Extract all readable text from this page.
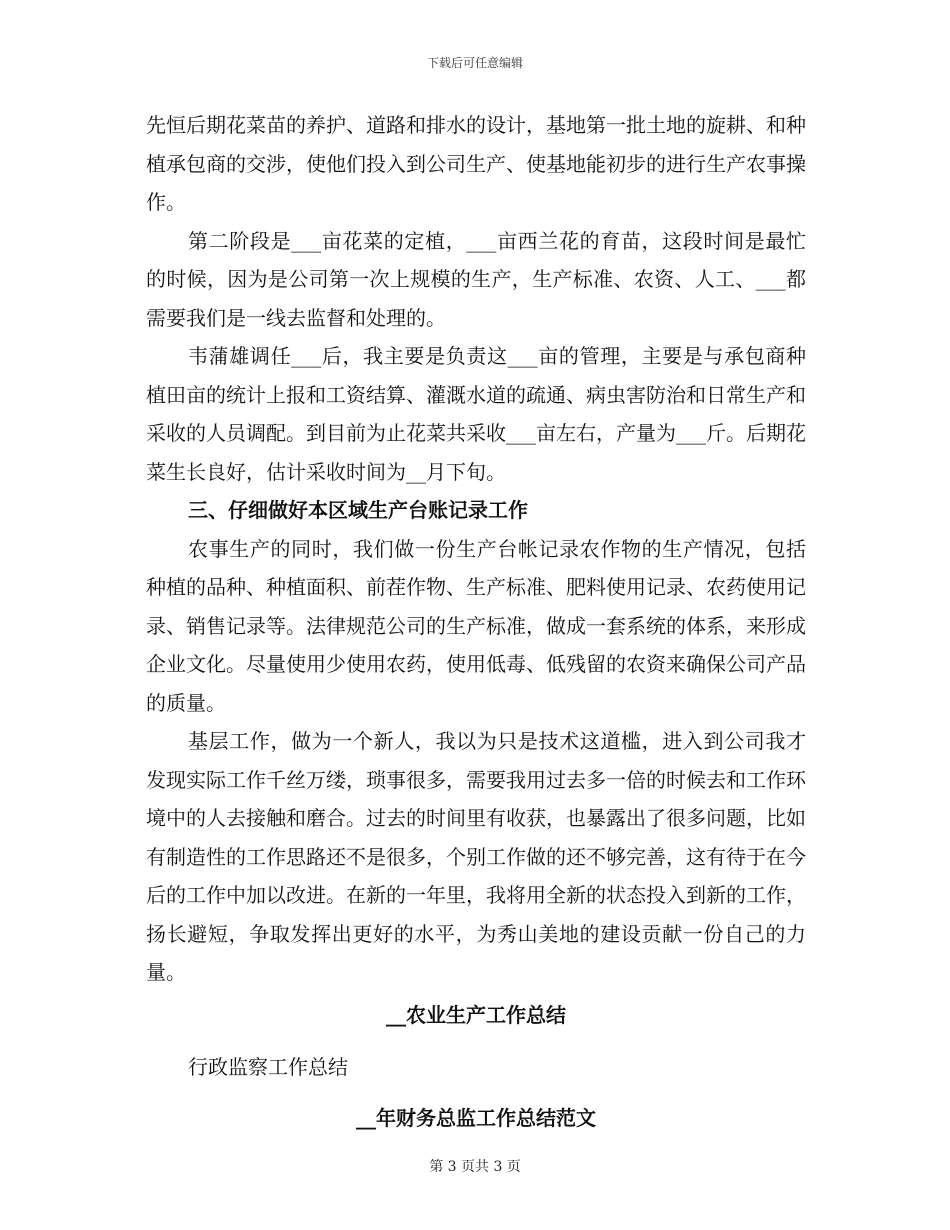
下载后可任意编辑

先恒后期花菜苗的养护、道路和排水的设计，基地第一批土地的旋耕、和种植承包商的交涉，使他们投入到公司生产、使基地能初步的进行生产农事操作。

第二阶段是___亩花菜的定植，___亩西兰花的育苗，这段时间是最忙的时候，因为是公司第一次上规模的生产，生产标准、农资、人工、___都需要我们是一线去监督和处理的。

韦蒲雄调任___后，我主要是负责这___亩的管理，主要是与承包商种植田亩的统计上报和工资结算、灌溉水道的疏通、病虫害防治和日常生产和采收的人员调配。到目前为止花菜共采收___亩左右，产量为___斤。后期花菜生长良好，估计采收时间为__月下旬。

三、仔细做好本区域生产台账记录工作

农事生产的同时，我们做一份生产台帐记录农作物的生产情况，包括种植的品种、种植面积、前茬作物、生产标准、肥料使用记录、农药使用记录、销售记录等。法律规范公司的生产标准，做成一套系统的体系，来形成企业文化。尽量使用少使用农药，使用低毒、低残留的农资来确保公司产品的质量。

基层工作，做为一个新人，我以为只是技术这道槛，进入到公司我才发现实际工作千丝万缕，琐事很多，需要我用过去多一倍的时候去和工作环境中的人去接触和磨合。过去的时间里有收获，也暴露出了很多问题，比如有制造性的工作思路还不是很多，个别工作做的还不够完善，这有待于在今后的工作中加以改进。在新的一年里，我将用全新的状态投入到新的工作，扬长避短，争取发挥出更好的水平，为秀山美地的建设贡献一份自己的力量。

__农业生产工作总结

行政监察工作总结

__年财务总监工作总结范文

第 3 页共 3 页
